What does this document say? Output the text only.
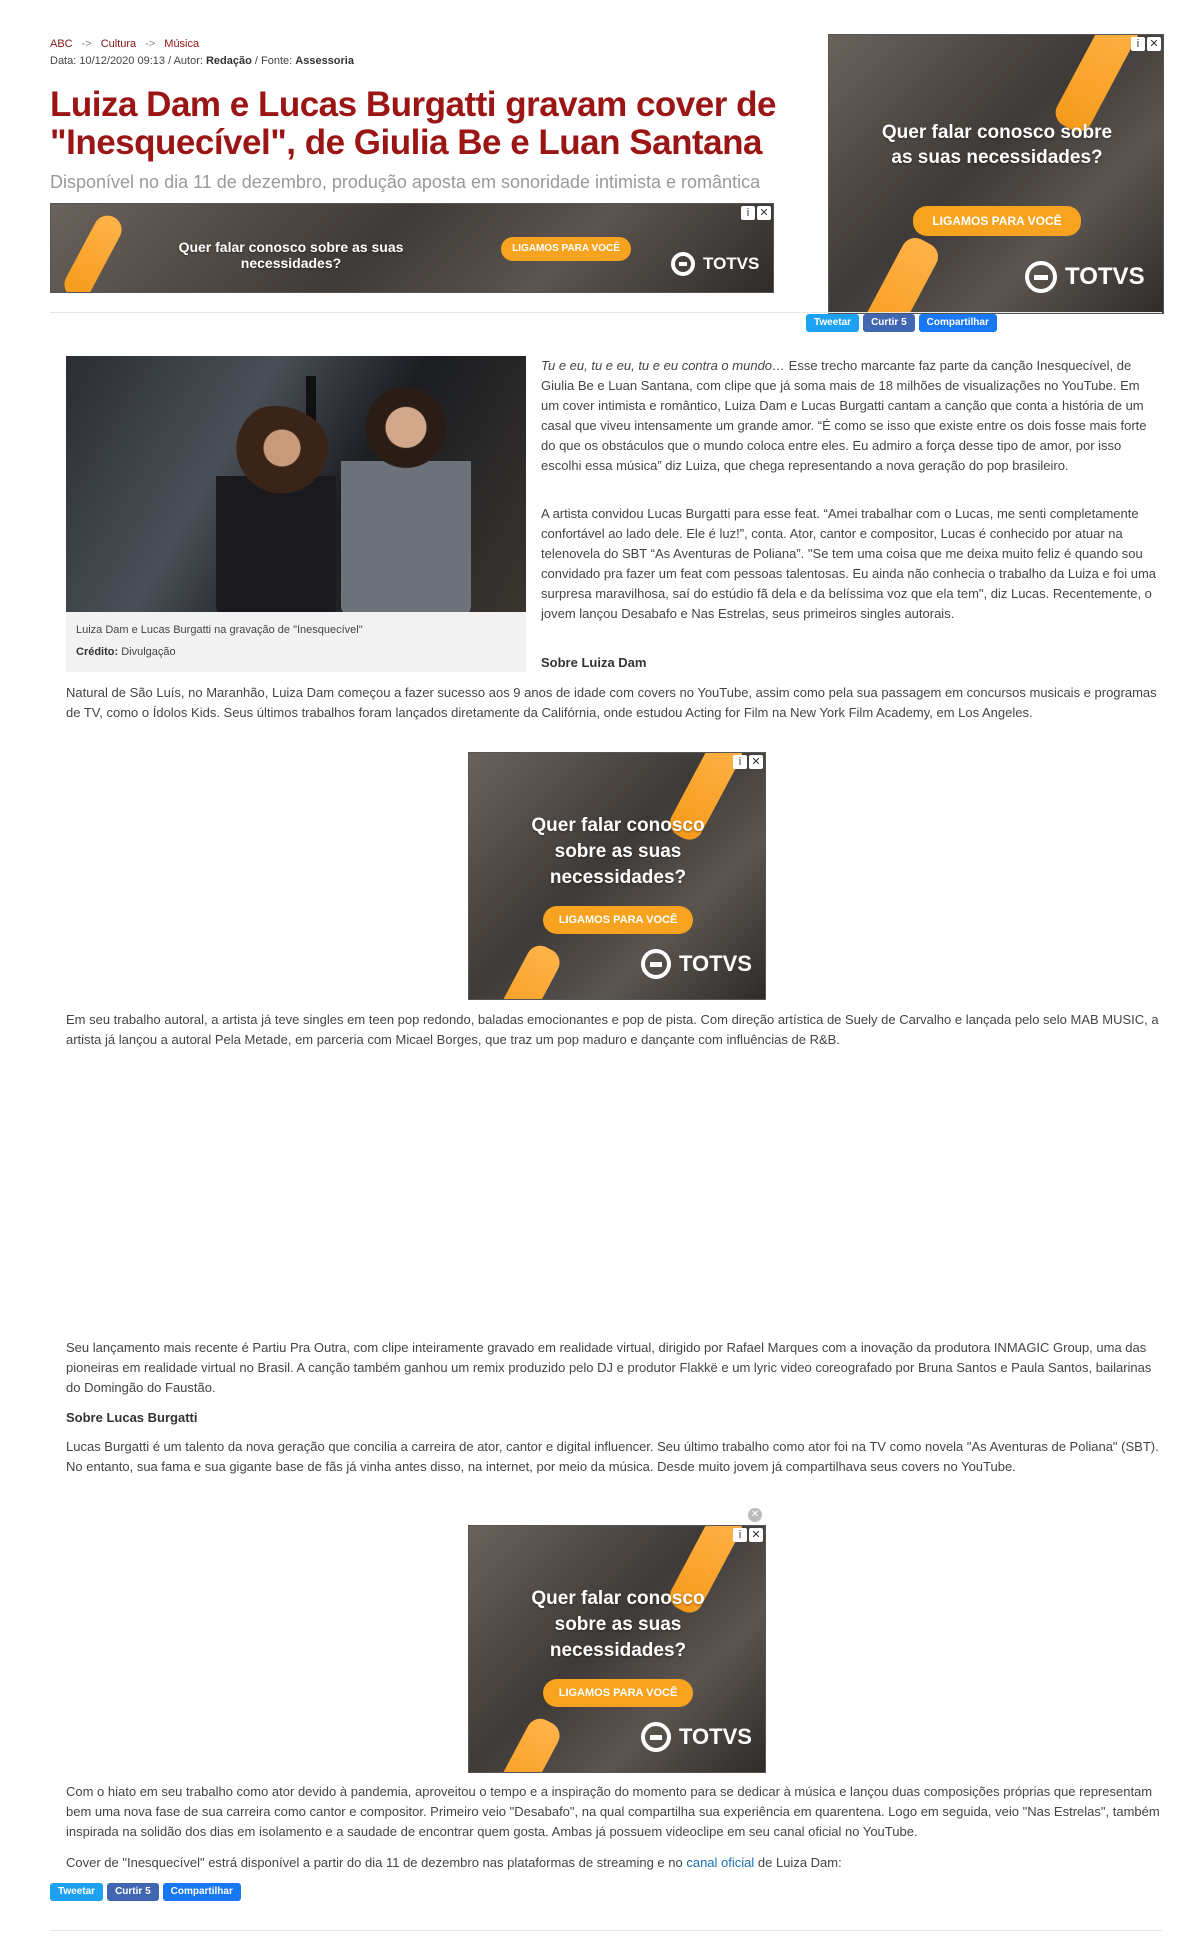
ABC -> Cultura -> Música
Data: 10/12/2020 09:13 / Autor: Redação / Fonte: Assessoria
Luiza Dam e Lucas Burgatti gravam cover de "Inesquecível", de Giulia Be e Luan Santana
Disponível no dia 11 de dezembro, produção aposta em sonoridade intimista e romântica
Quer falar conosco sobre as suas necessidades?
LIGAMOS PARA VOCÊ
TOTVS
i ✕
Quer falar conosco sobre as suas necessidades?
LIGAMOS PARA VOCÊ
TOTVS
i ✕
Tweetar	Curtir 5	Compartilhar
Luiza Dam e Lucas Burgatti na gravação de "Inesquecível"
Crédito: Divulgação

Tu e eu, tu e eu, tu e eu contra o mundo… Esse trecho marcante faz parte da canção Inesquecível, de Giulia Be e Luan Santana, com clipe que já soma mais de 18 milhões de visualizações no YouTube. Em um cover intimista e romântico, Luiza Dam e Lucas Burgatti cantam a canção que conta a história de um casal que viveu intensamente um grande amor. “É como se isso que existe entre os dois fosse mais forte do que os obstáculos que o mundo coloca entre eles. Eu admiro a força desse tipo de amor, por isso escolhi essa música” diz Luiza, que chega representando a nova geração do pop brasileiro.

A artista convidou Lucas Burgatti para esse feat. “Amei trabalhar com o Lucas, me senti completamente confortável ao lado dele. Ele é luz!”, conta. Ator, cantor e compositor, Lucas é conhecido por atuar na telenovela do SBT “As Aventuras de Poliana”. "Se tem uma coisa que me deixa muito feliz é quando sou convidado pra fazer um feat com pessoas talentosas. Eu ainda não conhecia o trabalho da Luiza e foi uma surpresa maravilhosa, saí do estúdio fã dela e da belíssima voz que ela tem", diz Lucas. Recentemente, o jovem lançou Desabafo e Nas Estrelas, seus primeiros singles autorais.

Sobre Luiza Dam

Natural de São Luís, no Maranhão, Luiza Dam começou a fazer sucesso aos 9 anos de idade com covers no YouTube, assim como pela sua passagem em concursos musicais e programas de TV, como o Ídolos Kids. Seus últimos trabalhos foram lançados diretamente da Califórnia, onde estudou Acting for Film na New York Film Academy, em Los Angeles.

Quer falar conosco sobre as suas necessidades?
LIGAMOS PARA VOCÊ
TOTVS
i ✕

Em seu trabalho autoral, a artista já teve singles em teen pop redondo, baladas emocionantes e pop de pista. Com direção artística de Suely de Carvalho e lançada pelo selo MAB MUSIC, a artista já lançou a autoral Pela Metade, em parceria com Micael Borges, que traz um pop maduro e dançante com influências de R&B.

Seu lançamento mais recente é Partiu Pra Outra, com clipe inteiramente gravado em realidade virtual, dirigido por Rafael Marques com a inovação da produtora INMAGIC Group, uma das pioneiras em realidade virtual no Brasil. A canção também ganhou um remix produzido pelo DJ e produtor Flakkë e um lyric video coreografado por Bruna Santos e Paula Santos, bailarinas do Domingão do Faustão.

Sobre Lucas Burgatti

Lucas Burgatti é um talento da nova geração que concilia a carreira de ator, cantor e digital influencer. Seu último trabalho como ator foi na TV como novela "As Aventuras de Poliana" (SBT). No entanto, sua fama e sua gigante base de fãs já vinha antes disso, na internet, por meio da música. Desde muito jovem já compartilhava seus covers no YouTube.

✕
Quer falar conosco sobre as suas necessidades?
LIGAMOS PARA VOCÊ
TOTVS
i ✕

Com o hiato em seu trabalho como ator devido à pandemia, aproveitou o tempo e a inspiração do momento para se dedicar à música e lançou duas composições próprias que representam bem uma nova fase de sua carreira como cantor e compositor. Primeiro veio "Desabafo", na qual compartilha sua experiência em quarentena. Logo em seguida, veio "Nas Estrelas", também inspirada na solidão dos dias em isolamento e a saudade de encontrar quem gosta. Ambas já possuem videoclipe em seu canal oficial no YouTube.

Cover de "Inesquecível" estrá disponível a partir do dia 11 de dezembro nas plataformas de streaming e no canal oficial de Luiza Dam:

Tweetar	Curtir 5	Compartilhar
